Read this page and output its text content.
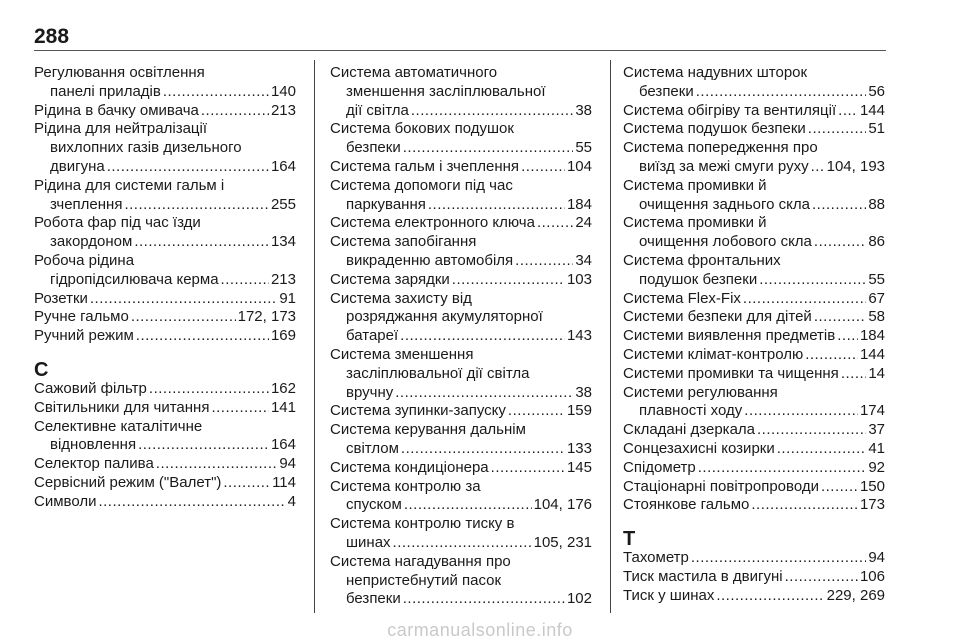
288
Регулювання освітлення
панелі приладів .....	140
Рідина в бачку омивача .....	213
Рідина для нейтралізації
вихлопних газів дизельного
двигуна .....	164
Рідина для системи гальм і
зчеплення .....	255
Робота фар під час їзди
закордоном .....	134
Робоча рідина
гідропідсилювача керма .....	213
Розетки .....	91
Ручне гальмо .....	172, 173
Ручний режим .....	169
С
Сажовий фільтр .....	162
Світильники для читання .....	141
Селективне каталітичне
відновлення .....	164
Селектор палива .....	94
Сервісний режим ("Валет") .....	114
Символи .....	4
Система автоматичного
зменшення засліплювальної
дії світла .....	38
Система бокових подушок
безпеки .....	55
Система гальм і зчеплення .....	104
Система допомоги під час
паркування .....	184
Система електронного ключа .....	24
Система запобігання
викраденню автомобіля .....	34
Система зарядки .....	103
Система захисту від
розряджання акумуляторної
батареї .....	143
Система зменшення
засліплювальної дії світла
вручну .....	38
Система зупинки-запуску .....	159
Система керування дальнім
світлом .....	133
Система кондиціонера .....	145
Система контролю за
спуском .....	104, 176
Система контролю тиску в
шинах .....	105, 231
Система нагадування про
непристебнутий пасок
безпеки .....	102
Система надувних шторок
безпеки .....	56
Система обігріву та вентиляції ..... 144
Система подушок безпеки .....	51
Система попередження про
виїзд за межі смуги руху ..... 104, 193
Система промивки й
очищення заднього скла .....	88
Система промивки й
очищення лобового скла .....	86
Система фронтальних
подушок безпеки .....	55
Система Flex-Fix .....	67
Системи безпеки для дітей .....	58
Системи виявлення предметів ..... 184
Системи клімат-контролю .....	144
Системи промивки та чищення ..... 14
Системи регулювання
плавності ходу .....	174
Складані дзеркала .....	37
Сонцезахисні козирки .....	41
Спідометр .....	92
Стаціонарні повітропроводи .....	150
Стоянкове гальмо .....	173
Т
Тахометр .....	94
Тиск мастила в двигуні .....	106
Тиск у шинах .....	229, 269
carmanualsonline.info
